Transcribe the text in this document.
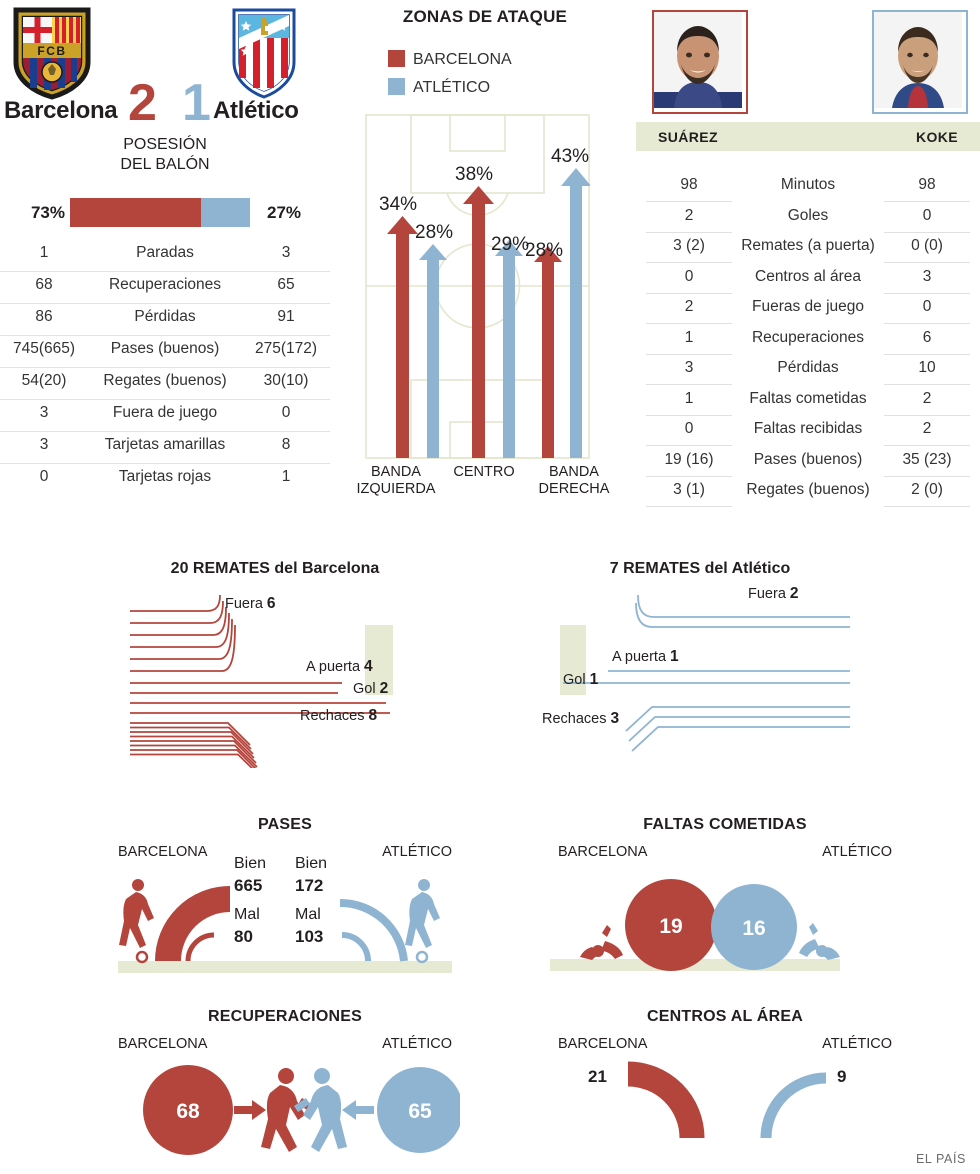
FCB
Barcelona 2 1 Atlético
POSESIÓN
DEL BALÓN
73%	27%
1	Paradas	3
68	Recuperaciones	65
86	Pérdidas	91
745(665)	Pases (buenos)	275(172)
54(20)	Regates (buenos)	30(10)
3	Fuera de juego	0
3	Tarjetas amarillas	8
0	Tarjetas rojas	1
ZONAS DE ATAQUE
BARCELONA
ATLÉTICO
34%
28%
38%
29%
28%
43%
BANDA
IZQUIERDA
CENTRO	BANDA
DERECHA
SUÁREZ	KOKE
98	Minutos	98
2	Goles	0
3 (2)	Remates (a puerta)	0 (0)
0	Centros al área	3
2	Fueras de juego	0
1	Recuperaciones	6
3	Pérdidas	10
1	Faltas cometidas	2
0	Faltas recibidas	2
19 (16)	Pases (buenos)	35 (23)
3 (1)	Regates (buenos)	2 (0)
20 REMATES del Barcelona
Fuera 6
A puerta 4
Gol 2
Rechaces 8
7 REMATES del Atlético
Fuera 2
A puerta 1
Gol 1
Rechaces 3
PASES
BARCELONA	ATLÉTICO
Bien
665
Mal
80
Bien
172
Mal
103
FALTAS COMETIDAS
BARCELONA	ATLÉTICO
19	16
RECUPERACIONES
BARCELONA	ATLÉTICO
68	65
CENTROS AL ÁREA
BARCELONA	ATLÉTICO
21	9
EL PAÍS
